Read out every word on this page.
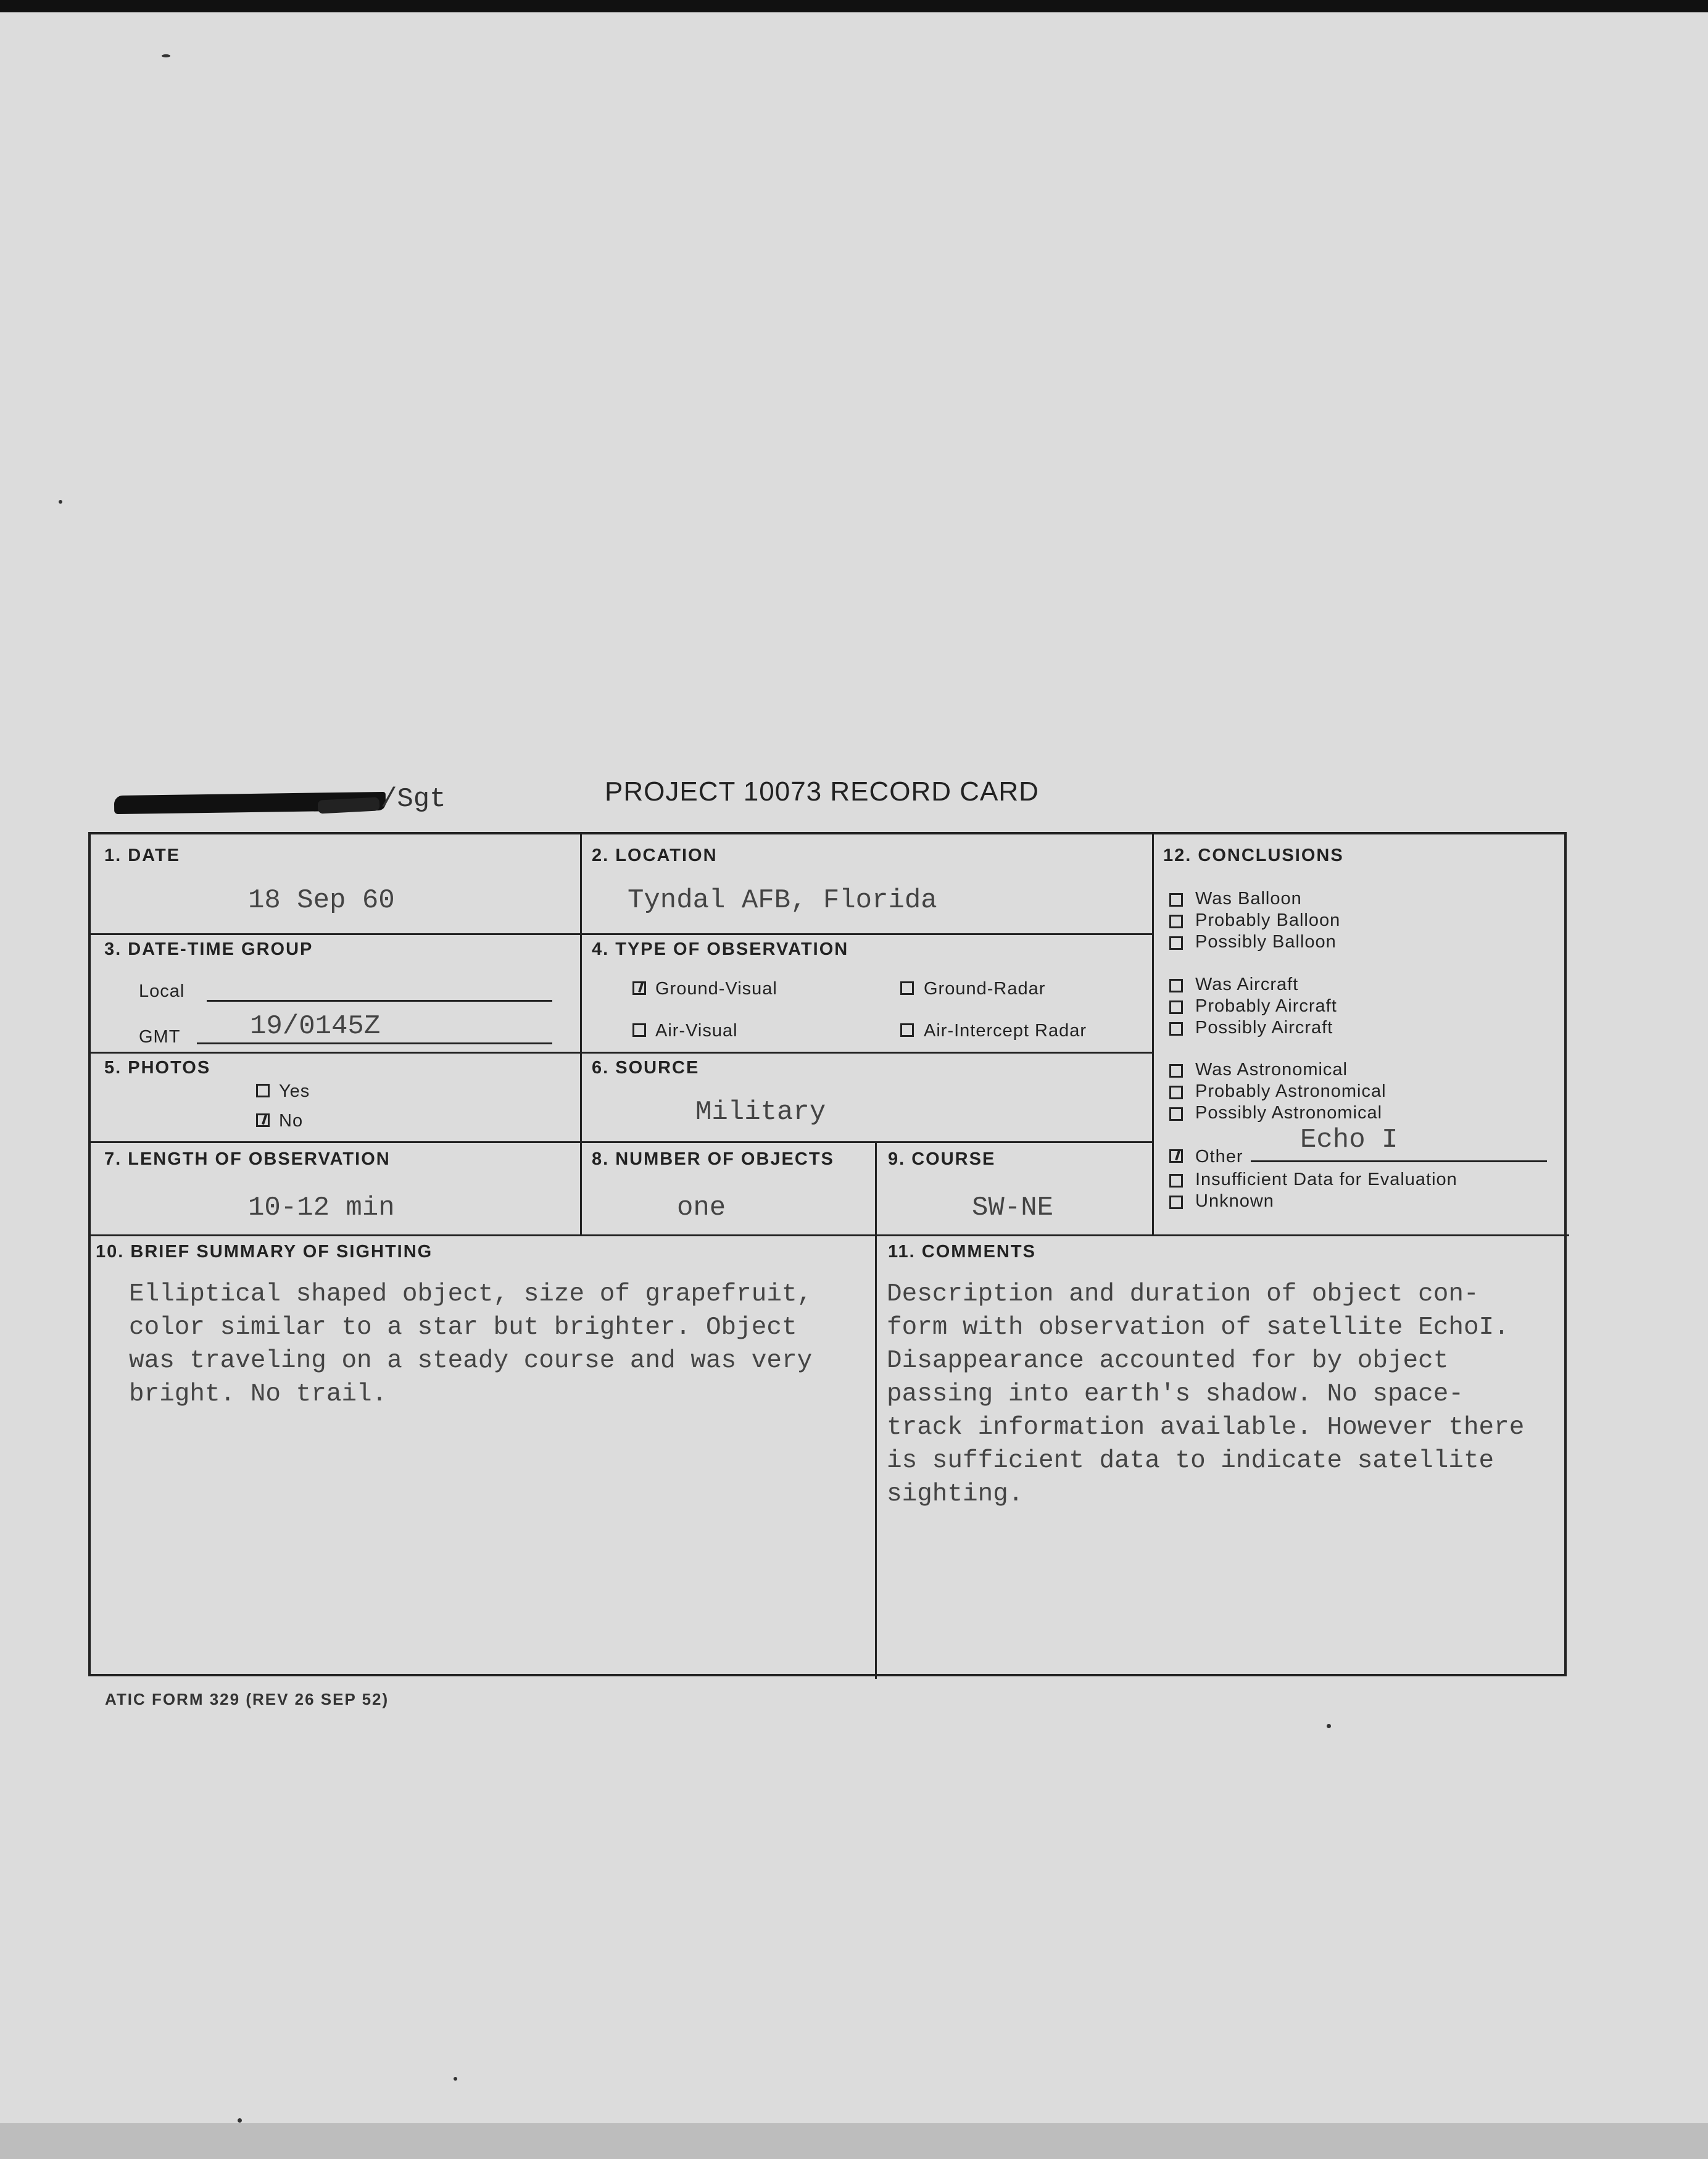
/Sgt	PROJECT 10073 RECORD CARD
1. DATE
18 Sep 60
2. LOCATION
Tyndal AFB, Florida
3. DATE-TIME GROUP
Local
GMT	19/0145Z
4. TYPE OF OBSERVATION
Ground-Visual	Ground-Radar
Air-Visual	Air-Intercept Radar
5. PHOTOS
Yes
No
6. SOURCE
Military
7. LENGTH OF OBSERVATION
10-12 min
8. NUMBER OF OBJECTS
one
9. COURSE
SW-NE
12. CONCLUSIONS
Was Balloon
Probably Balloon
Possibly Balloon
Was Aircraft
Probably Aircraft
Possibly Aircraft
Was Astronomical
Probably Astronomical
Possibly Astronomical
Other
Echo I
Insufficient Data for Evaluation
Unknown
10. BRIEF SUMMARY OF SIGHTING
Elliptical shaped object, size of grapefruit,
color similar to a star but brighter. Object
was traveling on a steady course and was very
bright. No trail.
11. COMMENTS
Description and duration of object con-
form with observation of satellite EchoI.
Disappearance accounted for by object
passing into earth's shadow. No space-
track information available. However there
is sufficient data to indicate satellite
sighting.
ATIC FORM 329 (REV 26 SEP 52)
